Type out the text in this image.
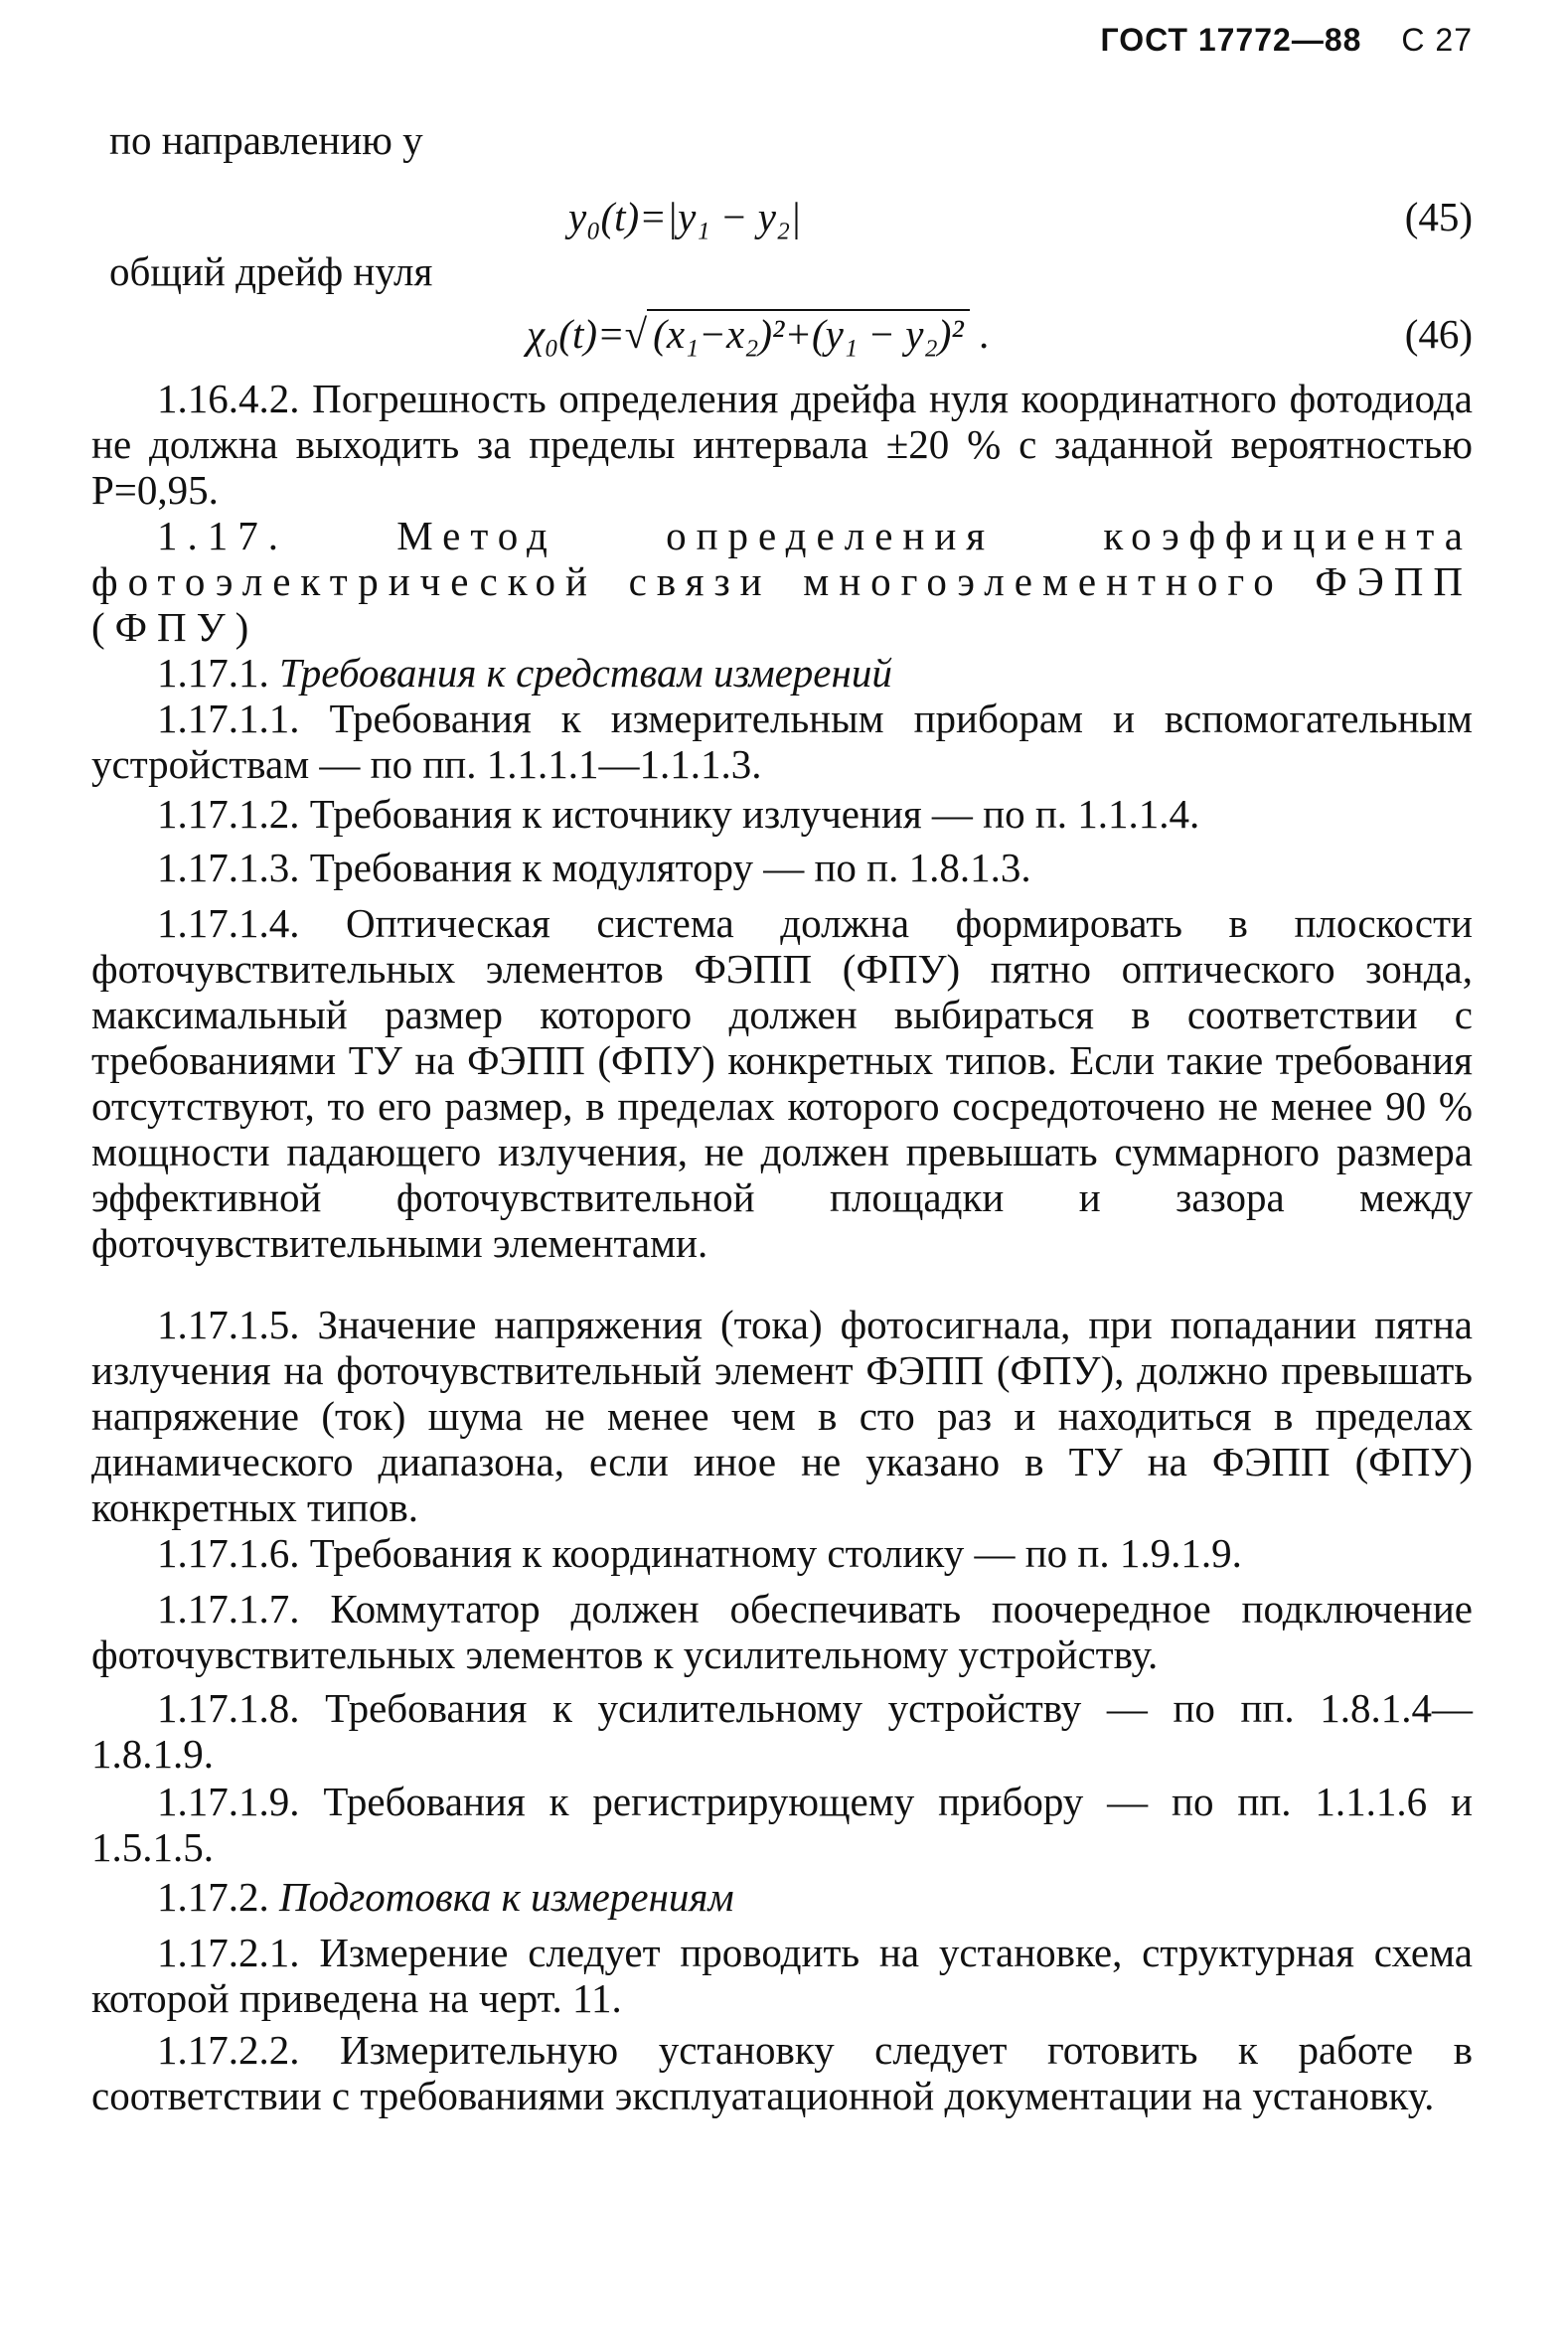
ГОСТ 17772—88 С 27
по направлению y
y₀(t)=|y₁ − y₂|	(45)
общий дрейф нуля
χ₀(t)=√ (x₁−x₂)²+(y₁ − y₂)² .	(46)
1.16.4.2. Погрешность определения дрейфа нуля координатного фотодиода не должна выходить за пределы интервала ±20 % с заданной вероятностью P=0,95.
1.17. Метод определения коэффициента фотоэлектрической связи многоэлементного ФЭПП (ФПУ)
1.17.1. Требования к средствам измерений
1.17.1.1. Требования к измерительным приборам и вспомогательным устройствам — по пп. 1.1.1.1—1.1.1.3.
1.17.1.2. Требования к источнику излучения — по п. 1.1.1.4.
1.17.1.3. Требования к модулятору — по п. 1.8.1.3.
1.17.1.4. Оптическая система должна формировать в плоскости фоточувствительных элементов ФЭПП (ФПУ) пятно оптического зонда, максимальный размер которого должен выбираться в соответствии с требованиями ТУ на ФЭПП (ФПУ) конкретных типов. Если такие требования отсутствуют, то его размер, в пределах которого сосредоточено не менее 90 % мощности падающего излучения, не должен превышать суммарного размера эффективной фоточувствительной площадки и зазора между фоточувствительными элементами.
1.17.1.5. Значение напряжения (тока) фотосигнала, при попадании пятна излучения на фоточувствительный элемент ФЭПП (ФПУ), должно превышать напряжение (ток) шума не менее чем в сто раз и находиться в пределах динамического диапазона, если иное не указано в ТУ на ФЭПП (ФПУ) конкретных типов.
1.17.1.6. Требования к координатному столику — по п. 1.9.1.9.
1.17.1.7. Коммутатор должен обеспечивать поочередное подключение фоточувствительных элементов к усилительному устройству.
1.17.1.8. Требования к усилительному устройству — по пп. 1.8.1.4—1.8.1.9.
1.17.1.9. Требования к регистрирующему прибору — по пп. 1.1.1.6 и 1.5.1.5.
1.17.2. Подготовка к измерениям
1.17.2.1. Измерение следует проводить на установке, структурная схема которой приведена на черт. 11.
1.17.2.2. Измерительную установку следует готовить к работе в соответствии с требованиями эксплуатационной документации на установку.
